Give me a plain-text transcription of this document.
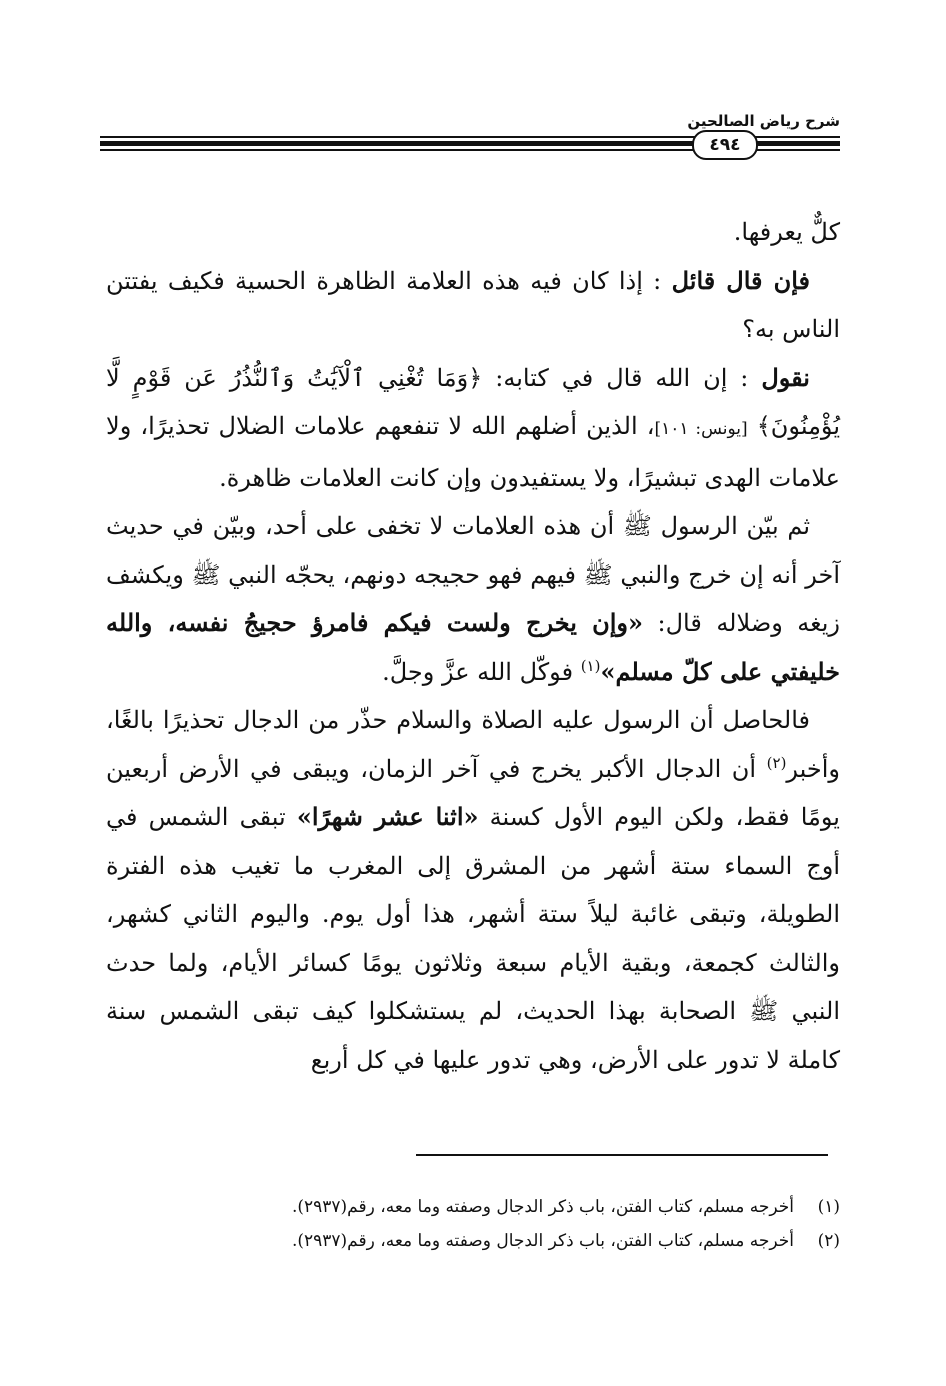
شرح رياض الصالحين
٤٩٤

كلٌّ يعرفها.

فإن قال قائل : إذا كان فيه هذه العلامة الظاهرة الحسية فكيف يفتتن الناس به؟

نقول : إن الله قال في كتابه: ﴿وَمَا تُغْنِي ٱلْآيَٰتُ وَٱلنُّذُرُ عَن قَوْمٍ لَّا يُؤْمِنُونَ﴾ [يونس: ١٠١]، الذين أضلهم الله لا تنفعهم علامات الضلال تحذيرًا، ولا علامات الهدى تبشيرًا، ولا يستفيدون وإن كانت العلامات ظاهرة.

ثم بيّن الرسول ﷺ أن هذه العلامات لا تخفى على أحد، وبيّن في حديث آخر أنه إن خرج والنبي ﷺ فيهم فهو حجيجه دونهم، يحجّه النبي ﷺ ويكشف زيغه وضلاله قال: «وإن يخرج ولست فيكم فامرؤ حجيجُ نفسه، والله خليفتي على كلّ مسلم»$^{(١)}$ فوكّل الله عزَّ وجلَّ.

فالحاصل أن الرسول عليه الصلاة والسلام حذّر من الدجال تحذيرًا بالغًا، وأخبر$^{(٢)}$ أن الدجال الأكبر يخرج في آخر الزمان، ويبقى في الأرض أربعين يومًا فقط، ولكن اليوم الأول كسنة «اثنا عشر شهرًا» تبقى الشمس في أوج السماء ستة أشهر من المشرق إلى المغرب ما تغيب هذه الفترة الطويلة، وتبقى غائبة ليلاً ستة أشهر، هذا أول يوم. واليوم الثاني كشهر، والثالث كجمعة، وبقية الأيام سبعة وثلاثون يومًا كسائر الأيام، ولما حدث النبي ﷺ الصحابة بهذا الحديث، لم يستشكلوا كيف تبقى الشمس سنة كاملة لا تدور على الأرض، وهي تدور عليها في كل أربع

(١)أخرجه مسلم، كتاب الفتن، باب ذكر الدجال وصفته وما معه، رقم(٢٩٣٧).

(٢)أخرجه مسلم، كتاب الفتن، باب ذكر الدجال وصفته وما معه، رقم(٢٩٣٧).
